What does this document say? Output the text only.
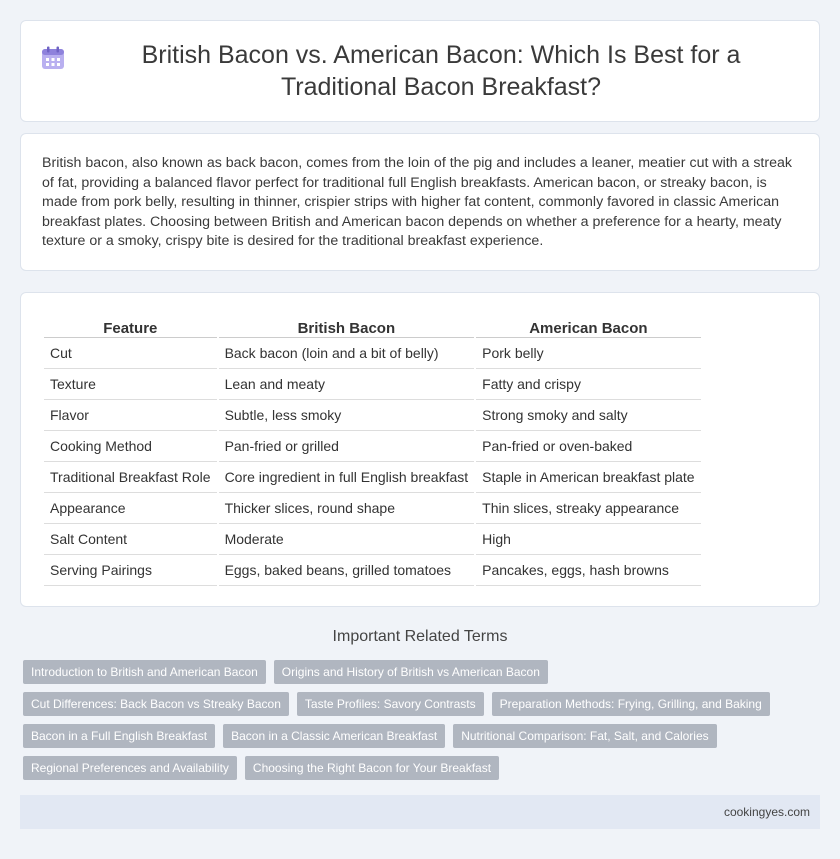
British Bacon vs. American Bacon: Which Is Best for a Traditional Bacon Breakfast?

British bacon, also known as back bacon, comes from the loin of the pig and includes a leaner, meatier cut with a streak of fat, providing a balanced flavor perfect for traditional full English breakfasts. American bacon, or streaky bacon, is made from pork belly, resulting in thinner, crispier strips with higher fat content, commonly favored in classic American breakfast plates. Choosing between British and American bacon depends on whether a preference for a hearty, meaty texture or a smoky, crispy bite is desired for the traditional breakfast experience.

Feature	British Bacon	American Bacon
Cut	Back bacon (loin and a bit of belly)	Pork belly
Texture	Lean and meaty	Fatty and crispy
Flavor	Subtle, less smoky	Strong smoky and salty
Cooking Method	Pan-fried or grilled	Pan-fried or oven-baked
Traditional Breakfast Role	Core ingredient in full English breakfast	Staple in American breakfast plate
Appearance	Thicker slices, round shape	Thin slices, streaky appearance
Salt Content	Moderate	High
Serving Pairings	Eggs, baked beans, grilled tomatoes	Pancakes, eggs, hash browns
Important Related Terms
Introduction to British and American Bacon	Origins and History of British vs American Bacon
Cut Differences: Back Bacon vs Streaky Bacon	Taste Profiles: Savory Contrasts	Preparation Methods: Frying, Grilling, and Baking
Bacon in a Full English Breakfast	Bacon in a Classic American Breakfast	Nutritional Comparison: Fat, Salt, and Calories
Regional Preferences and Availability	Choosing the Right Bacon for Your Breakfast
cookingyes.com
